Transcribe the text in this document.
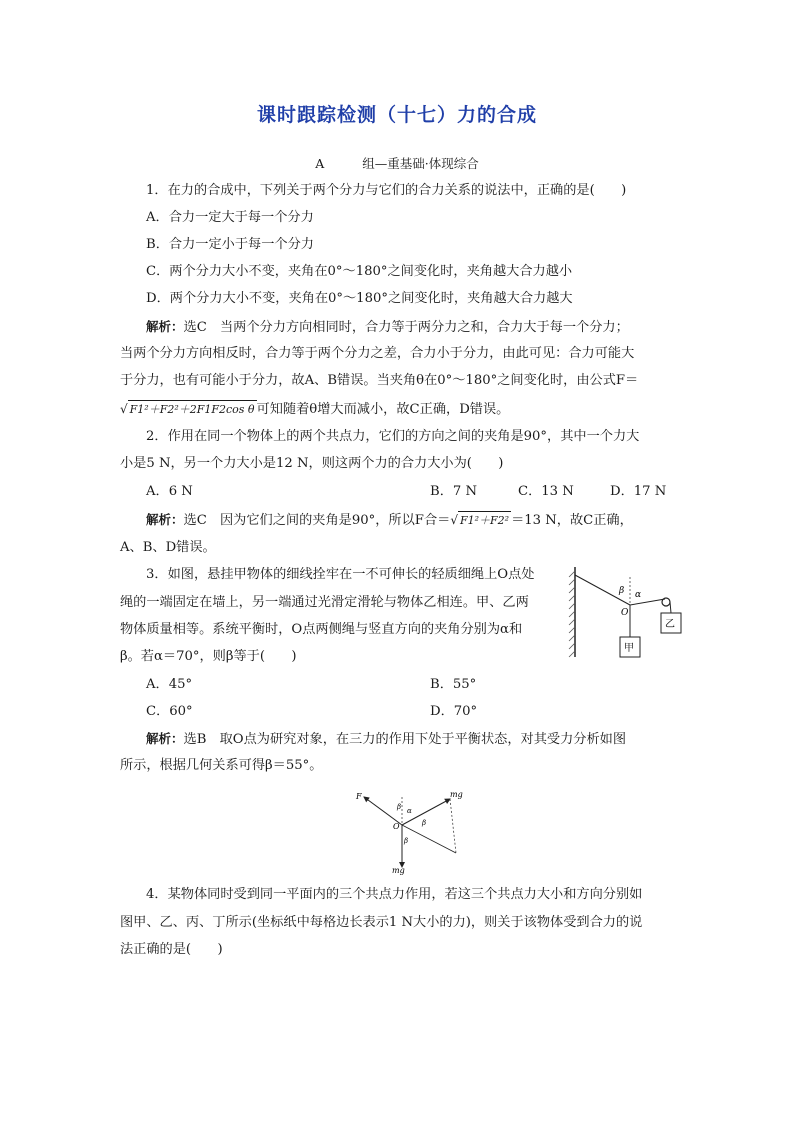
课时跟踪检测（十七）力的合成
A	组—重基础·体现综合
1．在力的合成中，下列关于两个分力与它们的合力关系的说法中，正确的是(　　)
A．合力一定大于每一个分力
B．合力一定小于每一个分力
C．两个分力大小不变，夹角在0°～180°之间变化时，夹角越大合力越小
D．两个分力大小不变，夹角在0°～180°之间变化时，夹角越大合力越大
解析：选C　当两个分力方向相同时，合力等于两分力之和，合力大于每一个分力；
当两个分力方向相反时，合力等于两个分力之差，合力小于分力，由此可见：合力可能大
于分力，也有可能小于分力，故A、B错误。当夹角θ在0°～180°之间变化时，由公式F＝
√ F1²＋F2²＋2F1F2cos θ 可知随着θ增大而减小，故C正确，D错误。
2．作用在同一个物体上的两个共点力，它们的方向之间的夹角是90°，其中一个力大
小是5 N，另一个力大小是12 N，则这两个力的合力大小为(　　)
A．6 N	B．7 N	C．13 N	D．17 N
解析：选C　因为它们之间的夹角是90°，所以F合＝√ F1²＋F2² ＝13 N，故C正确，
A、B、D错误。
3．如图，悬挂甲物体的细线拴牢在一不可伸长的轻质细绳上O点处
绳的一端固定在墙上，另一端通过光滑定滑轮与物体乙相连。甲、乙两
物体质量相等。系统平衡时，O点两侧绳与竖直方向的夹角分别为α和
β。若α＝70°，则β等于(　　)
A．45°	B．55°
C．60°	D．70°
解析：选B　取O点为研究对象，在三力的作用下处于平衡状态，对其受力分析如图
所示，根据几何关系可得β＝55°。
β α
O
甲
乙
F	mg
mg
O
β α
β
β
4．某物体同时受到同一平面内的三个共点力作用，若这三个共点力大小和方向分别如
图甲、乙、丙、丁所示(坐标纸中每格边长表示1 N大小的力)，则关于该物体受到合力的说
法正确的是(　　)
